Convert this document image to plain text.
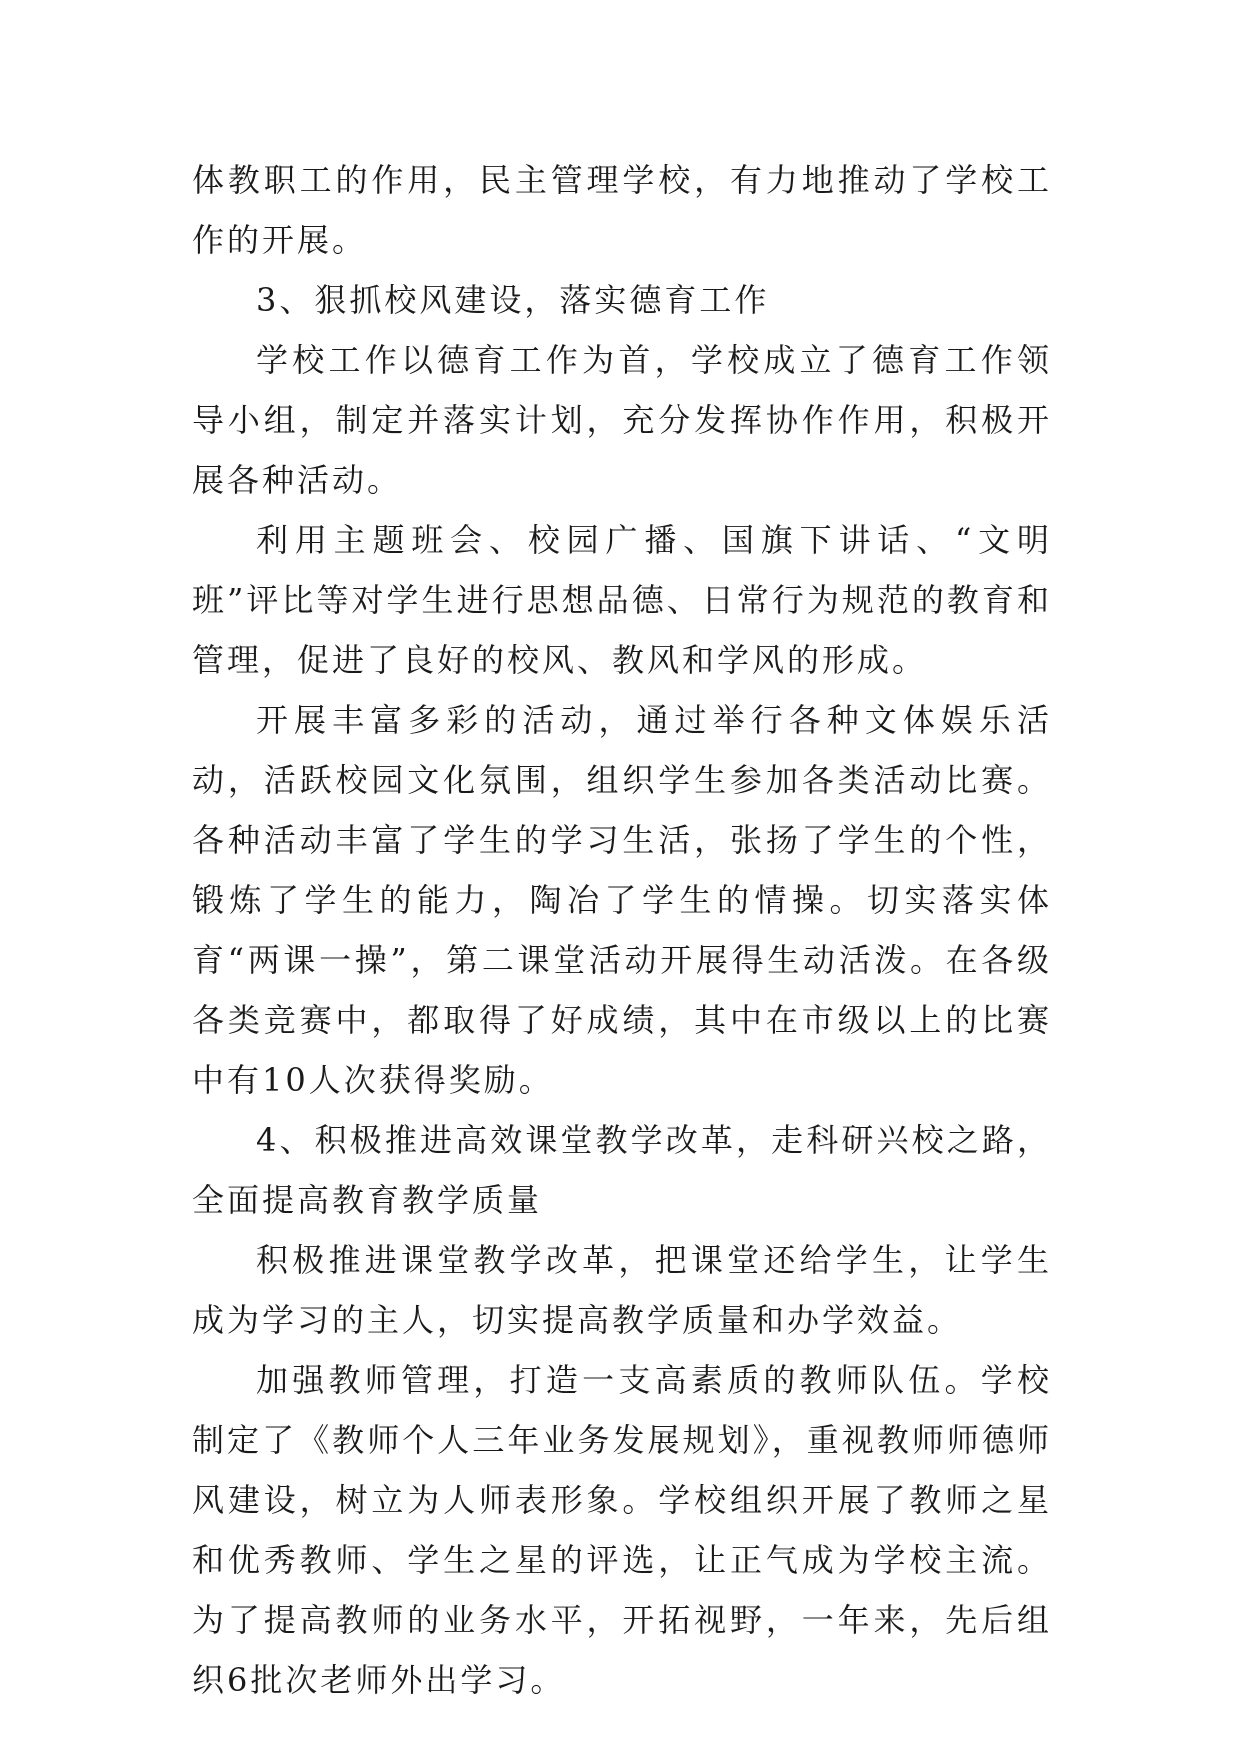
体教职工的作用，民主管理学校，有力地推动了学校工作的开展。

3、狠抓校风建设，落实德育工作

学校工作以德育工作为首，学校成立了德育工作领导小组，制定并落实计划，充分发挥协作作用，积极开展各种活动。

利用主题班会、校园广播、国旗下讲话、“文明班”评比等对学生进行思想品德、日常行为规范的教育和管理，促进了良好的校风、教风和学风的形成。

开展丰富多彩的活动，通过举行各种文体娱乐活动，活跃校园文化氛围，组织学生参加各类活动比赛。各种活动丰富了学生的学习生活，张扬了学生的个性，锻炼了学生的能力，陶冶了学生的情操。切实落实体育“两课一操”，第二课堂活动开展得生动活泼。在各级各类竞赛中，都取得了好成绩，其中在市级以上的比赛中有10人次获得奖励。

4、积极推进高效课堂教学改革，走科研兴校之路，全面提高教育教学质量

积极推进课堂教学改革，把课堂还给学生，让学生成为学习的主人，切实提高教学质量和办学效益。

加强教师管理，打造一支高素质的教师队伍。学校制定了《教师个人三年业务发展规划》，重视教师师德师风建设，树立为人师表形象。学校组织开展了教师之星和优秀教师、学生之星的评选，让正气成为学校主流。为了提高教师的业务水平，开拓视野，一年来，先后组织6批次老师外出学习。
